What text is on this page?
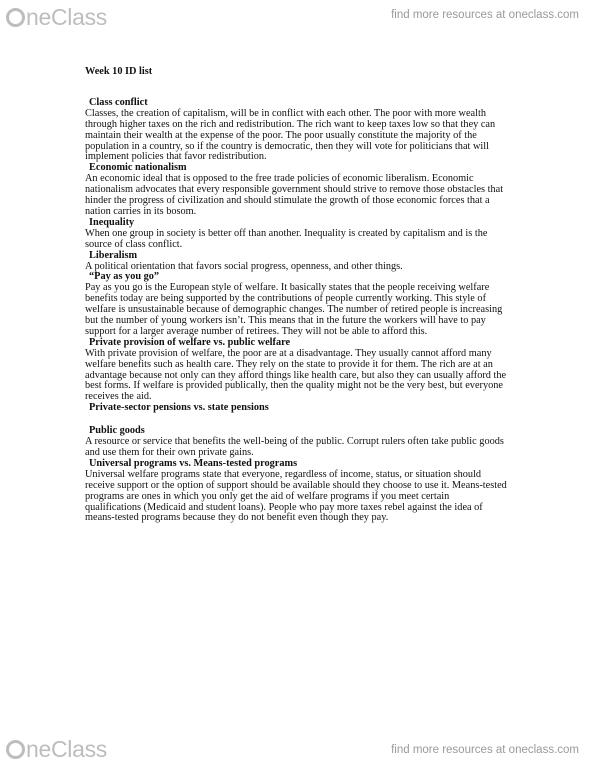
neClass	find more resources at oneclass.com

Week 10 ID list

Class conflict

Classes, the creation of capitalism, will be in conflict with each other. The poor with more wealth through higher taxes on the rich and redistribution. The rich want to keep taxes low so that they can maintain their wealth at the expense of the poor. The poor usually constitute the majority of the population in a country, so if the country is democratic, then they will vote for politicians that will implement policies that favor redistribution.

Economic nationalism

An economic ideal that is opposed to the free trade policies of economic liberalism. Economic nationalism advocates that every responsible government should strive to remove those obstacles that hinder the progress of civilization and should stimulate the growth of those economic forces that a nation carries in its bosom.

Inequality

When one group in society is better off than another. Inequality is created by capitalism and is the source of class conflict.

Liberalism

A political orientation that favors social progress, openness, and other things.

“Pay as you go”

Pay as you go is the European style of welfare. It basically states that the people receiving welfare benefits today are being supported by the contributions of people currently working. This style of welfare is unsustainable because of demographic changes. The number of retired people is increasing but the number of young workers isn’t. This means that in the future the workers will have to pay support for a larger average number of retirees. They will not be able to afford this.

Private provision of welfare vs. public welfare

With private provision of welfare, the poor are at a disadvantage. They usually cannot afford many welfare benefits such as health care. They rely on the state to provide it for them. The rich are at an advantage because not only can they afford things like health care, but also they can usually afford the best forms. If welfare is provided publically, then the quality might not be the very best, but everyone receives the aid.

Private-sector pensions vs. state pensions

Public goods

A resource or service that benefits the well-being of the public. Corrupt rulers often take public goods and use them for their own private gains.

Universal programs vs. Means-tested programs

Universal welfare programs state that everyone, regardless of income, status, or situation should receive support or the option of support should be available should they choose to use it. Means-tested programs are ones in which you only get the aid of welfare programs if you meet certain qualifications (Medicaid and student loans). People who pay more taxes rebel against the idea of means-tested programs because they do not benefit even though they pay.

neClass	find more resources at oneclass.com
